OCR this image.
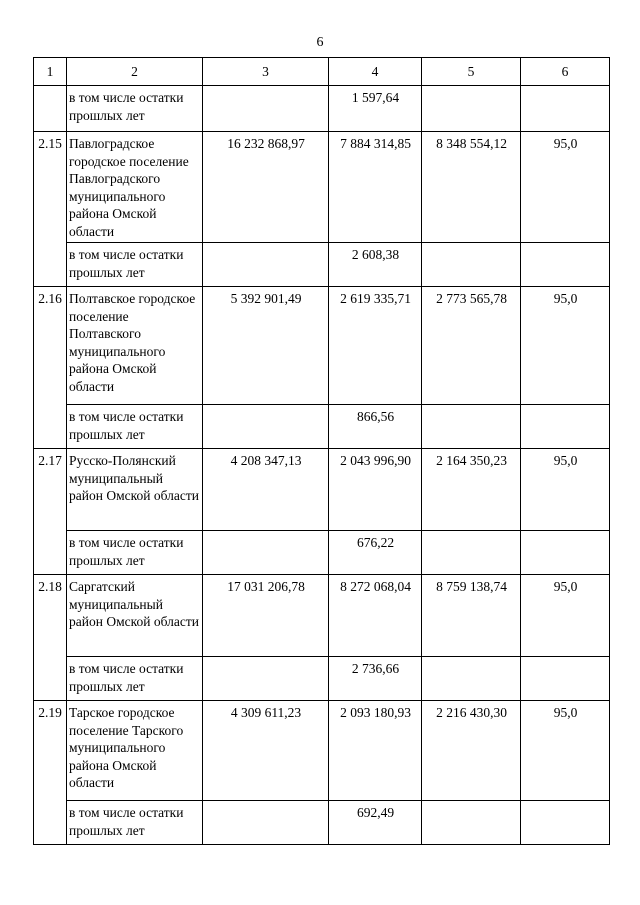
6
1	2	3	4	5	6
	в том числе остатки прошлых лет		1 597,64		
2.15	Павлоградское городское поселение Павлоградского муниципального района Омской области	16 232 868,97	7 884 314,85	8 348 554,12	95,0
	в том числе остатки прошлых лет		2 608,38		
2.16	Полтавское городское поселение Полтавского муниципального района Омской области	5 392 901,49	2 619 335,71	2 773 565,78	95,0
	в том числе остатки прошлых лет		866,56		
2.17	Русско-Полянский муниципальный район Омской области	4 208 347,13	2 043 996,90	2 164 350,23	95,0
	в том числе остатки прошлых лет		676,22		
2.18	Саргатский муниципальный район Омской области	17 031 206,78	8 272 068,04	8 759 138,74	95,0
	в том числе остатки прошлых лет		2 736,66		
2.19	Тарское городское поселение Тарского муниципального района Омской области	4 309 611,23	2 093 180,93	2 216 430,30	95,0
	в том числе остатки прошлых лет		692,49		
